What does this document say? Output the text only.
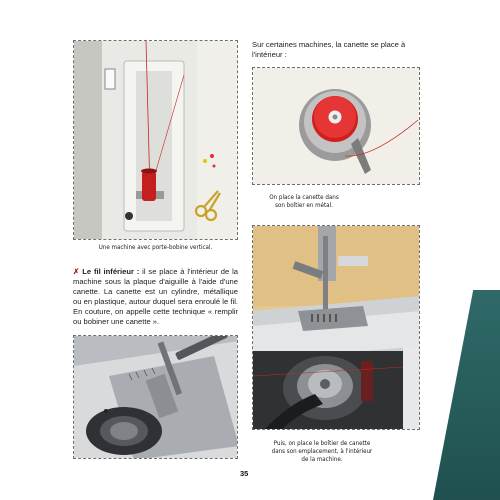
Une machine avec porte-bobine vertical.
Sur certaines machines, la canette se place à l'intérieur :
On place la canette dans son boîtier en métal.

✗ Le fil inférieur : il se place à l'intérieur de la machine sous la plaque d'aiguille à l'aide d'une canette. La canette est un cylindre, métallique ou en plastique, autour duquel sera enroulé le fil. En couture, on appelle cette technique « remplir ou bobiner une canette ».

Puis, on place le boîtier de canette dans son emplacement, à l'intérieur de la machine.
35
